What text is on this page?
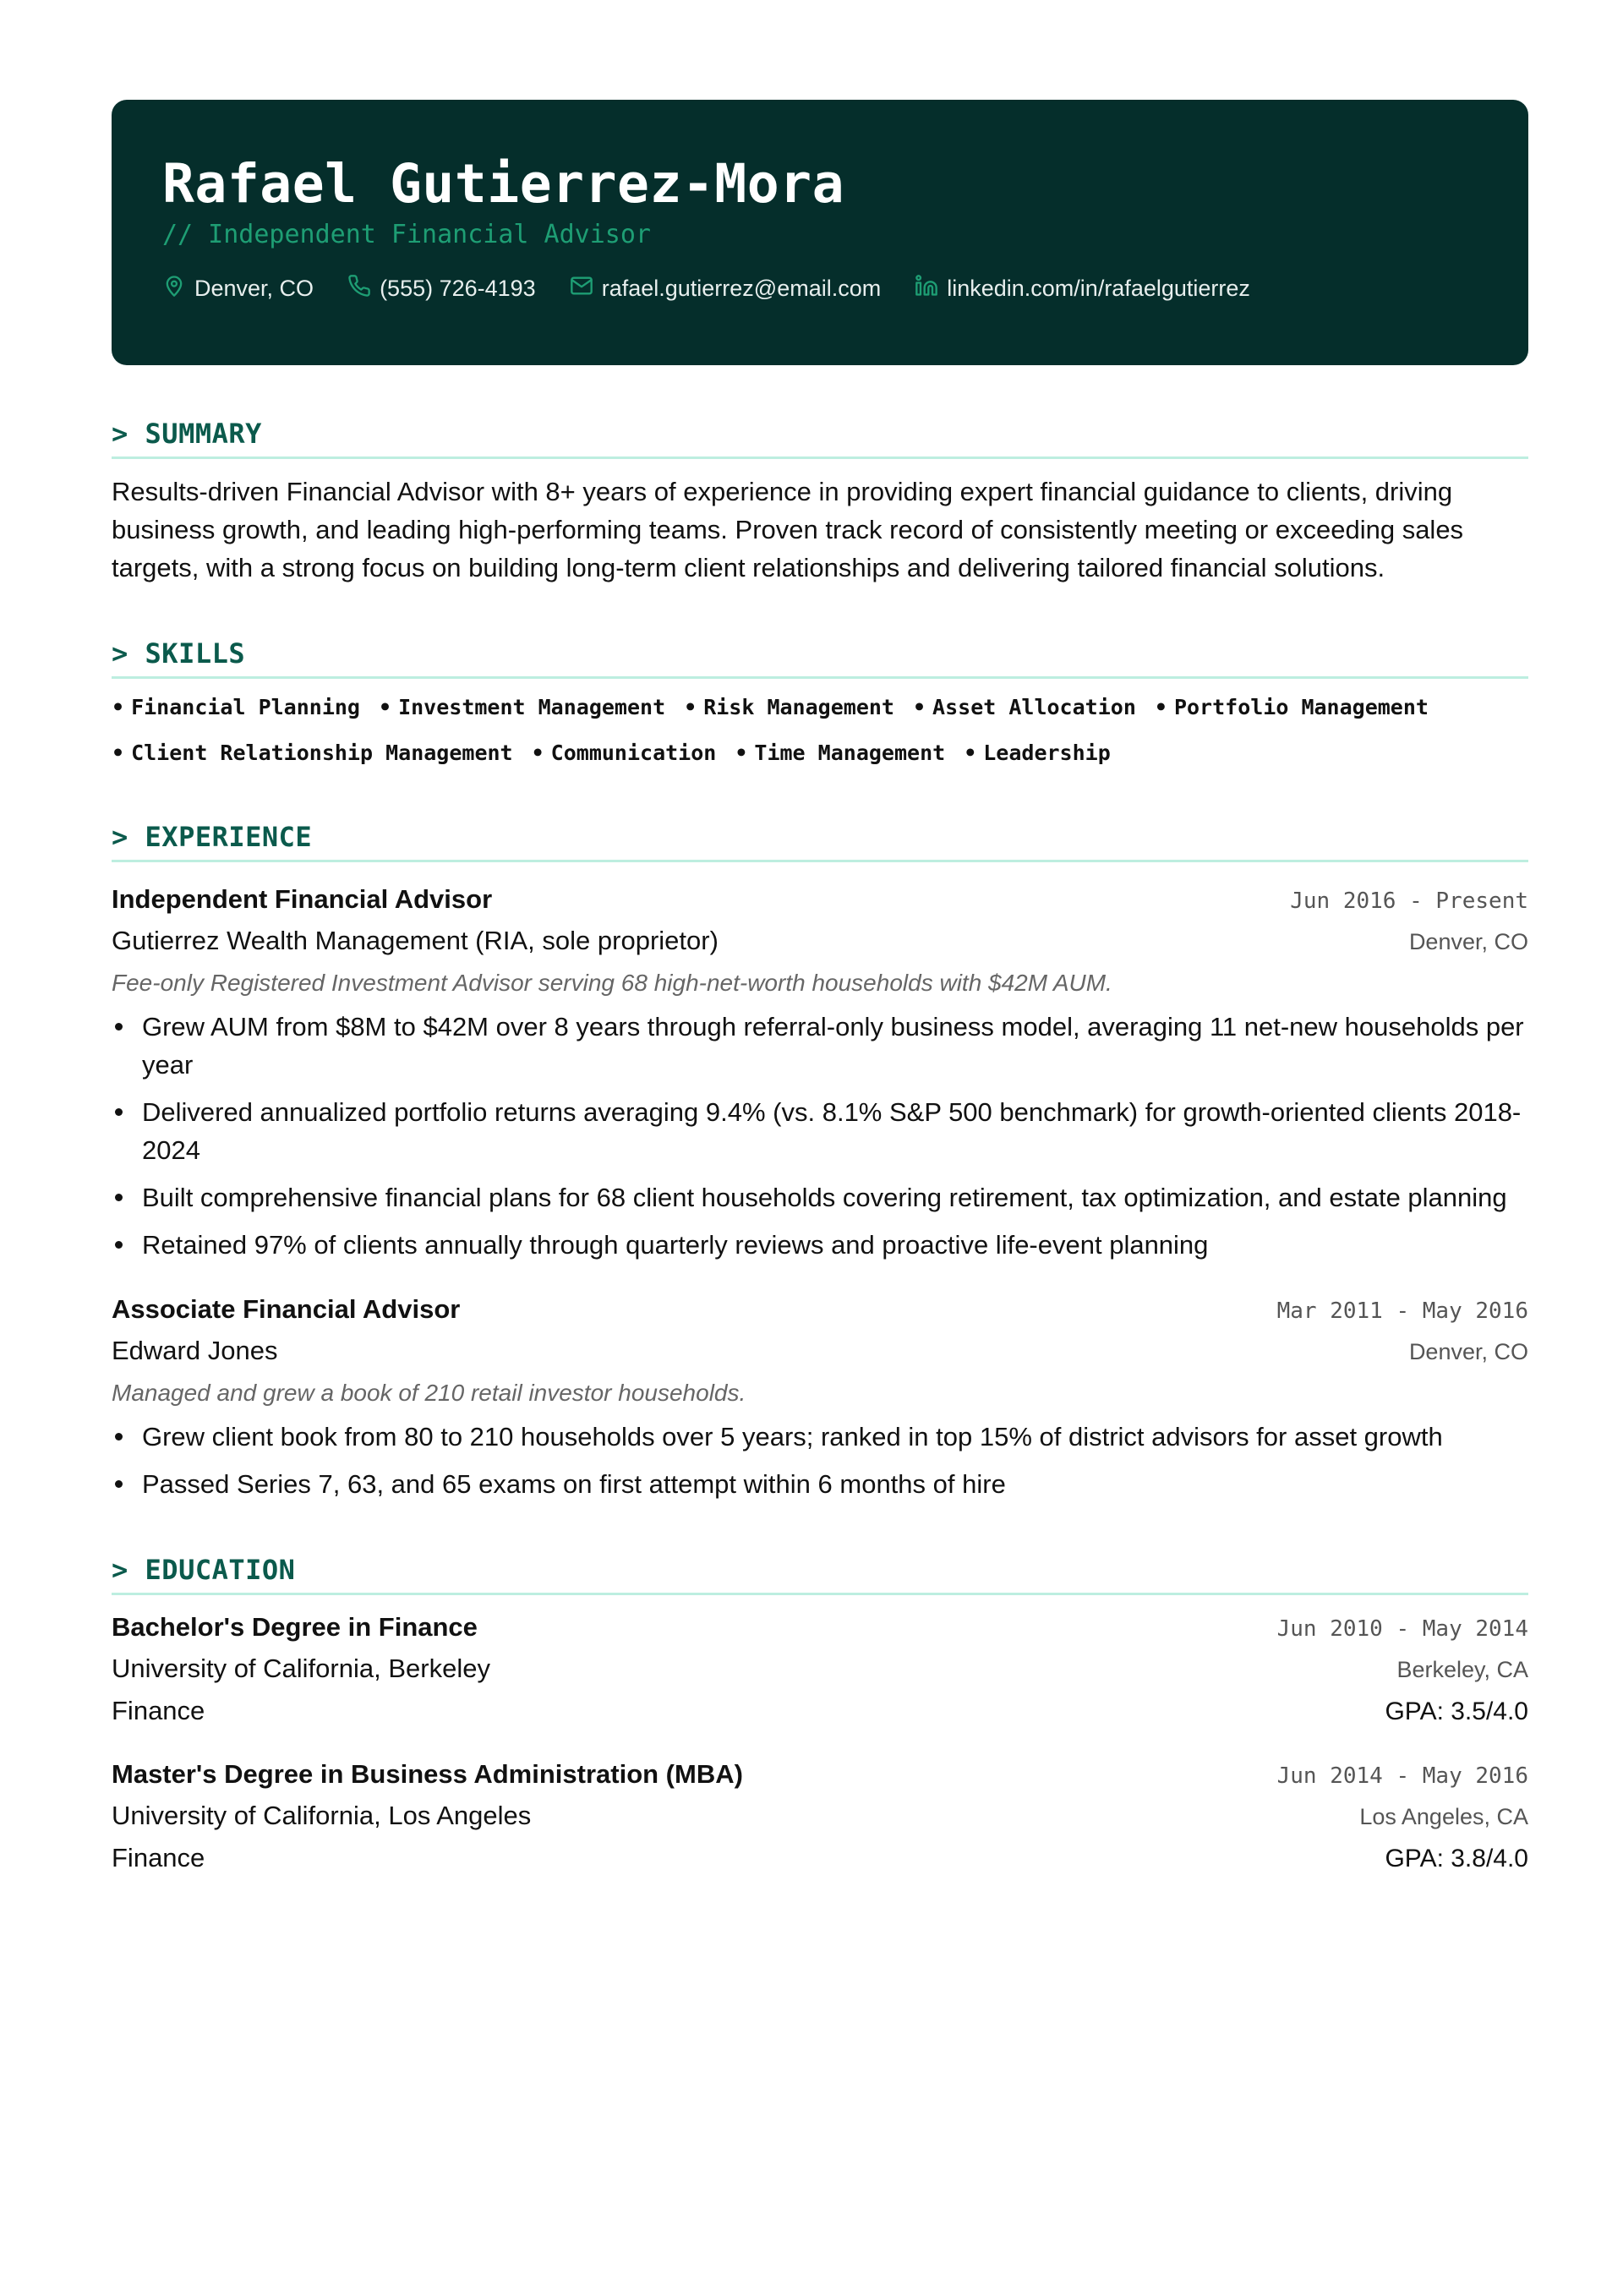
Rafael Gutierrez-Mora
// Independent Financial Advisor
Denver, CO	(555) 726-4193	rafael.gutierrez@email.com	linkedin.com/in/rafaelgutierrez
> SUMMARY

Results-driven Financial Advisor with 8+ years of experience in providing expert financial guidance to clients, driving business growth, and leading high-performing teams. Proven track record of consistently meeting or exceeding sales targets, with a strong focus on building long-term client relationships and delivering tailored financial solutions.

> SKILLS
• Financial Planning • Investment Management • Risk Management • Asset Allocation • Portfolio Management
• Client Relationship Management • Communication • Time Management • Leadership
> EXPERIENCE
Independent Financial Advisor	Jun 2016 - Present
Gutierrez Wealth Management (RIA, sole proprietor)	Denver, CO
Fee-only Registered Investment Advisor serving 68 high-net-worth households with $42M AUM.
Grew AUM from $8M to $42M over 8 years through referral-only business model, averaging 11 net-new households per year
Delivered annualized portfolio returns averaging 9.4% (vs. 8.1% S&P 500 benchmark) for growth-oriented clients 2018-2024
Built comprehensive financial plans for 68 client households covering retirement, tax optimization, and estate planning
Retained 97% of clients annually through quarterly reviews and proactive life-event planning
Associate Financial Advisor	Mar 2011 - May 2016
Edward Jones	Denver, CO
Managed and grew a book of 210 retail investor households.
Grew client book from 80 to 210 households over 5 years; ranked in top 15% of district advisors for asset growth
Passed Series 7, 63, and 65 exams on first attempt within 6 months of hire
> EDUCATION
Bachelor's Degree in Finance	Jun 2010 - May 2014
University of California, Berkeley	Berkeley, CA
Finance	GPA: 3.5/4.0
Master's Degree in Business Administration (MBA)	Jun 2014 - May 2016
University of California, Los Angeles	Los Angeles, CA
Finance	GPA: 3.8/4.0
